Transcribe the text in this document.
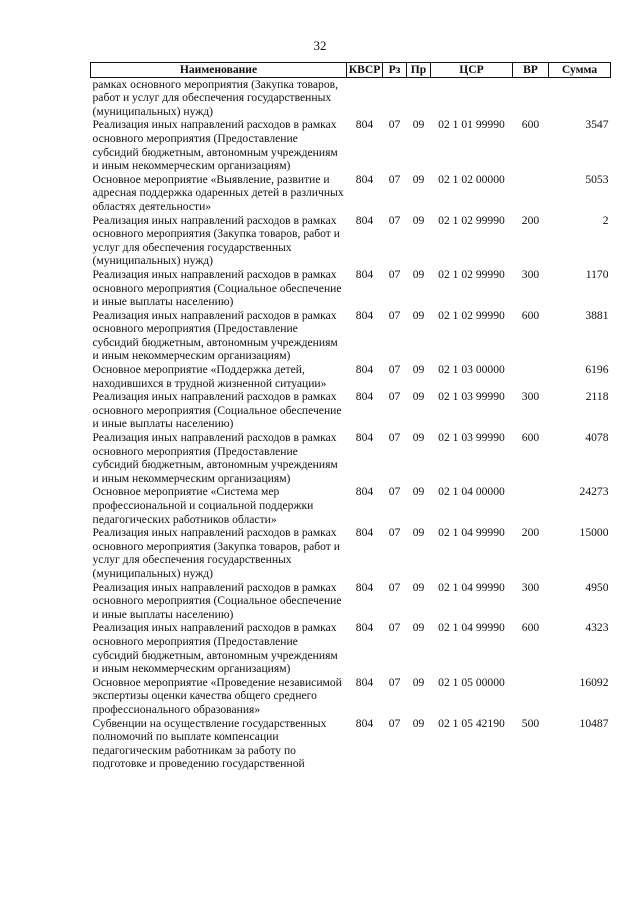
32
Наименование	КВСР	Рз	Пр	ЦСР	ВР	Сумма
рамках основного мероприятия (Закупка товаров, работ и услуг для обеспечения государственных (муниципальных) нужд)						
Реализация иных направлений расходов в рамках основного мероприятия (Предоставление субсидий бюджетным, автономным учреждениям и иным некоммерческим организациям)	804	07	09	02 1 01 99990	600	3547
Основное мероприятие «Выявление, развитие и адресная поддержка одаренных детей в различных областях деятельности»	804	07	09	02 1 02 00000		5053
Реализация иных направлений расходов в рамках основного мероприятия (Закупка товаров, работ и услуг для обеспечения государственных (муниципальных) нужд)	804	07	09	02 1 02 99990	200	2
Реализация иных направлений расходов в рамках основного мероприятия (Социальное обеспечение и иные выплаты населению)	804	07	09	02 1 02 99990	300	1170
Реализация иных направлений расходов в рамках основного мероприятия (Предоставление субсидий бюджетным, автономным учреждениям и иным некоммерческим организациям)	804	07	09	02 1 02 99990	600	3881
Основное мероприятие «Поддержка детей, находившихся в трудной жизненной ситуации»	804	07	09	02 1 03 00000		6196
Реализация иных направлений расходов в рамках основного мероприятия (Социальное обеспечение и иные выплаты населению)	804	07	09	02 1 03 99990	300	2118
Реализация иных направлений расходов в рамках основного мероприятия (Предоставление субсидий бюджетным, автономным учреждениям и иным некоммерческим организациям)	804	07	09	02 1 03 99990	600	4078
Основное мероприятие «Система мер профессиональной и социальной поддержки педагогических работников области»	804	07	09	02 1 04 00000		24273
Реализация иных направлений расходов в рамках основного мероприятия (Закупка товаров, работ и услуг для обеспечения государственных (муниципальных) нужд)	804	07	09	02 1 04 99990	200	15000
Реализация иных направлений расходов в рамках основного мероприятия (Социальное обеспечение и иные выплаты населению)	804	07	09	02 1 04 99990	300	4950
Реализация иных направлений расходов в рамках основного мероприятия (Предоставление субсидий бюджетным, автономным учреждениям и иным некоммерческим организациям)	804	07	09	02 1 04 99990	600	4323
Основное мероприятие «Проведение независимой экспертизы оценки качества общего среднего профессионального образования»	804	07	09	02 1 05 00000		16092
Субвенции на осуществление государственных полномочий по выплате компенсации педагогическим работникам за работу по подготовке и проведению государственной	804	07	09	02 1 05 42190	500	10487
